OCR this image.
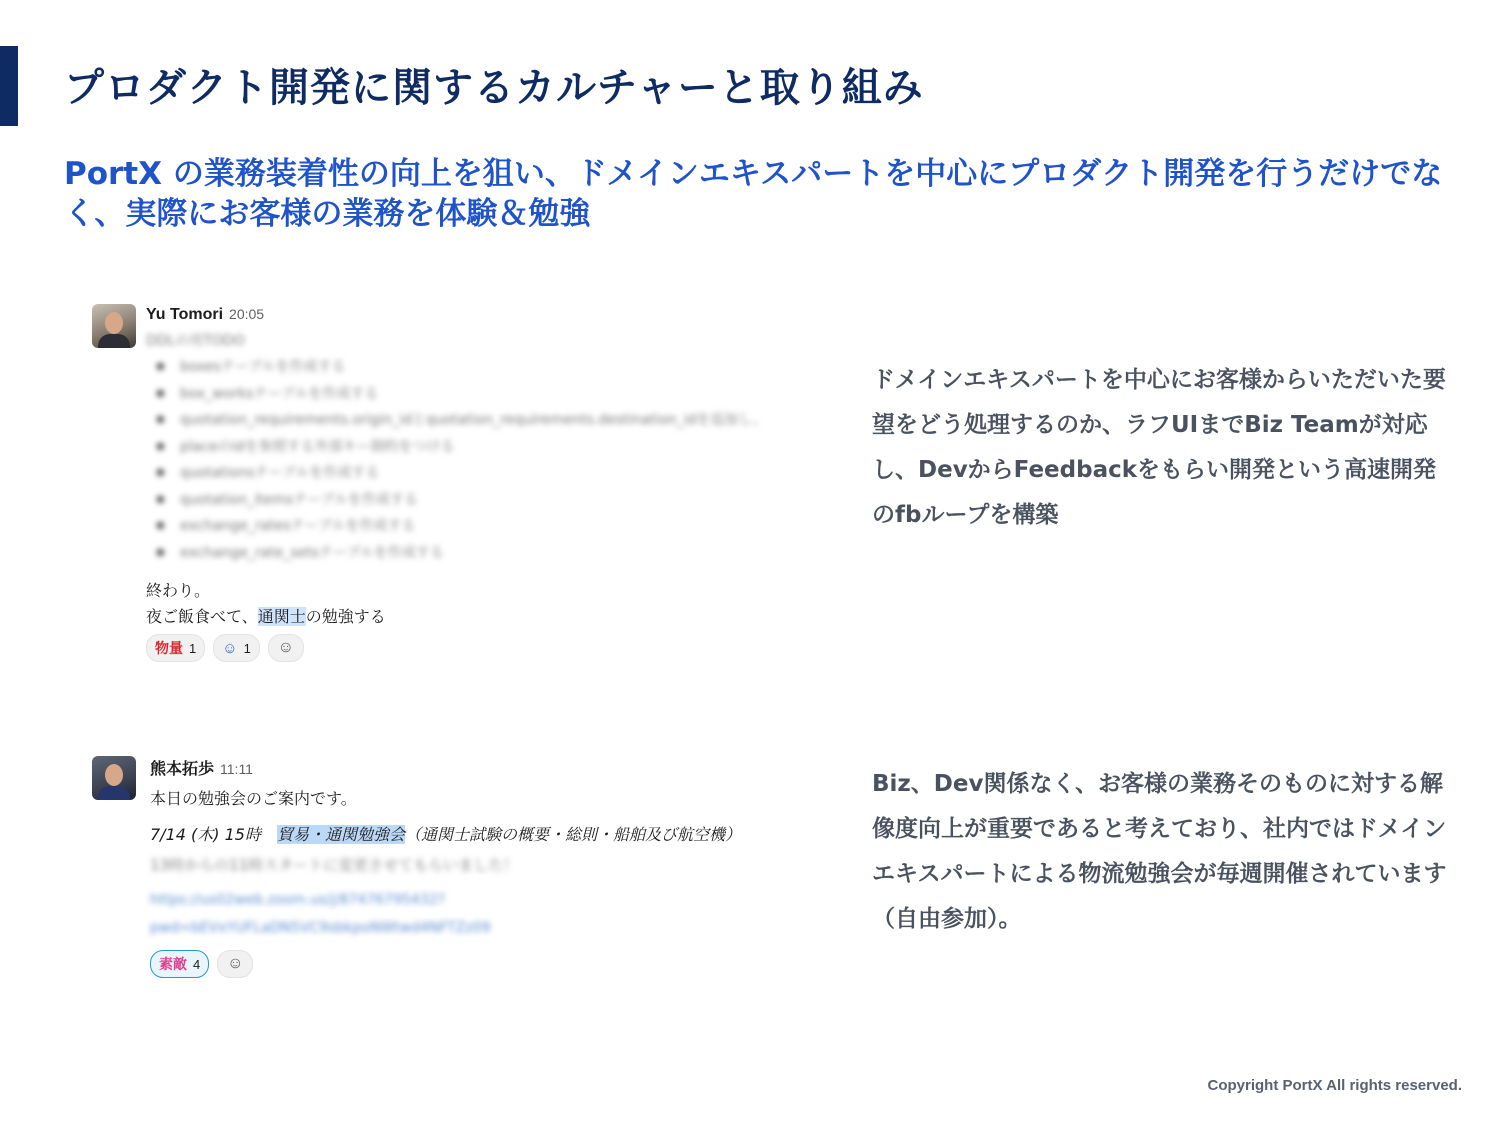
プロダクト開発に関するカルチャーと取り組み

PortX の業務装着性の向上を狙い、ドメインエキスパートを中心にプロダクト開発を行うだけでなく、実際にお客様の業務を体験＆勉強

Yu Tomori 20:05
DDLの用TODO
● boxesテーブルを作成する
● box_worksテーブルを作成する
● quotation_requirements.origin_idとquotation_requirements.destination_idを追加し、
● placeのidを参照する外部キー制約をつける
● quotationsテーブルを作成する
● quotation_itemsテーブルを作成する
● exchange_ratesテーブルを作成する
● exchange_rate_setsテーブルを作成する
終わり。
夜ご飯食べて、通関士の勉強する
物量 1 ☺ 1 ☺
熊本拓歩 11:11
本日の勉強会のご案内です。
7/14 (木) 15時 貿易・通関勉強会（通関士試験の概要・総則・船舶及び航空機）
13時からの11時スタートに変更させてもらいました！
https://us02web.zoom.us/j/87476795432?
pwd=bEVxYUFLaDN5VC9sbkpoNWtwd4NFTZz09
素敵 4 ☺

ドメインエキスパートを中心にお客様からいただいた要望をどう処理するのか、ラフUIまでBiz Teamが対応し、DevからFeedbackをもらい開発という高速開発のfbループを構築

Biz、Dev関係なく、お客様の業務そのものに対する解像度向上が重要であると考えており、社内ではドメインエキスパートによる物流勉強会が毎週開催されています（自由参加）。

Copyright PortX All rights reserved.
